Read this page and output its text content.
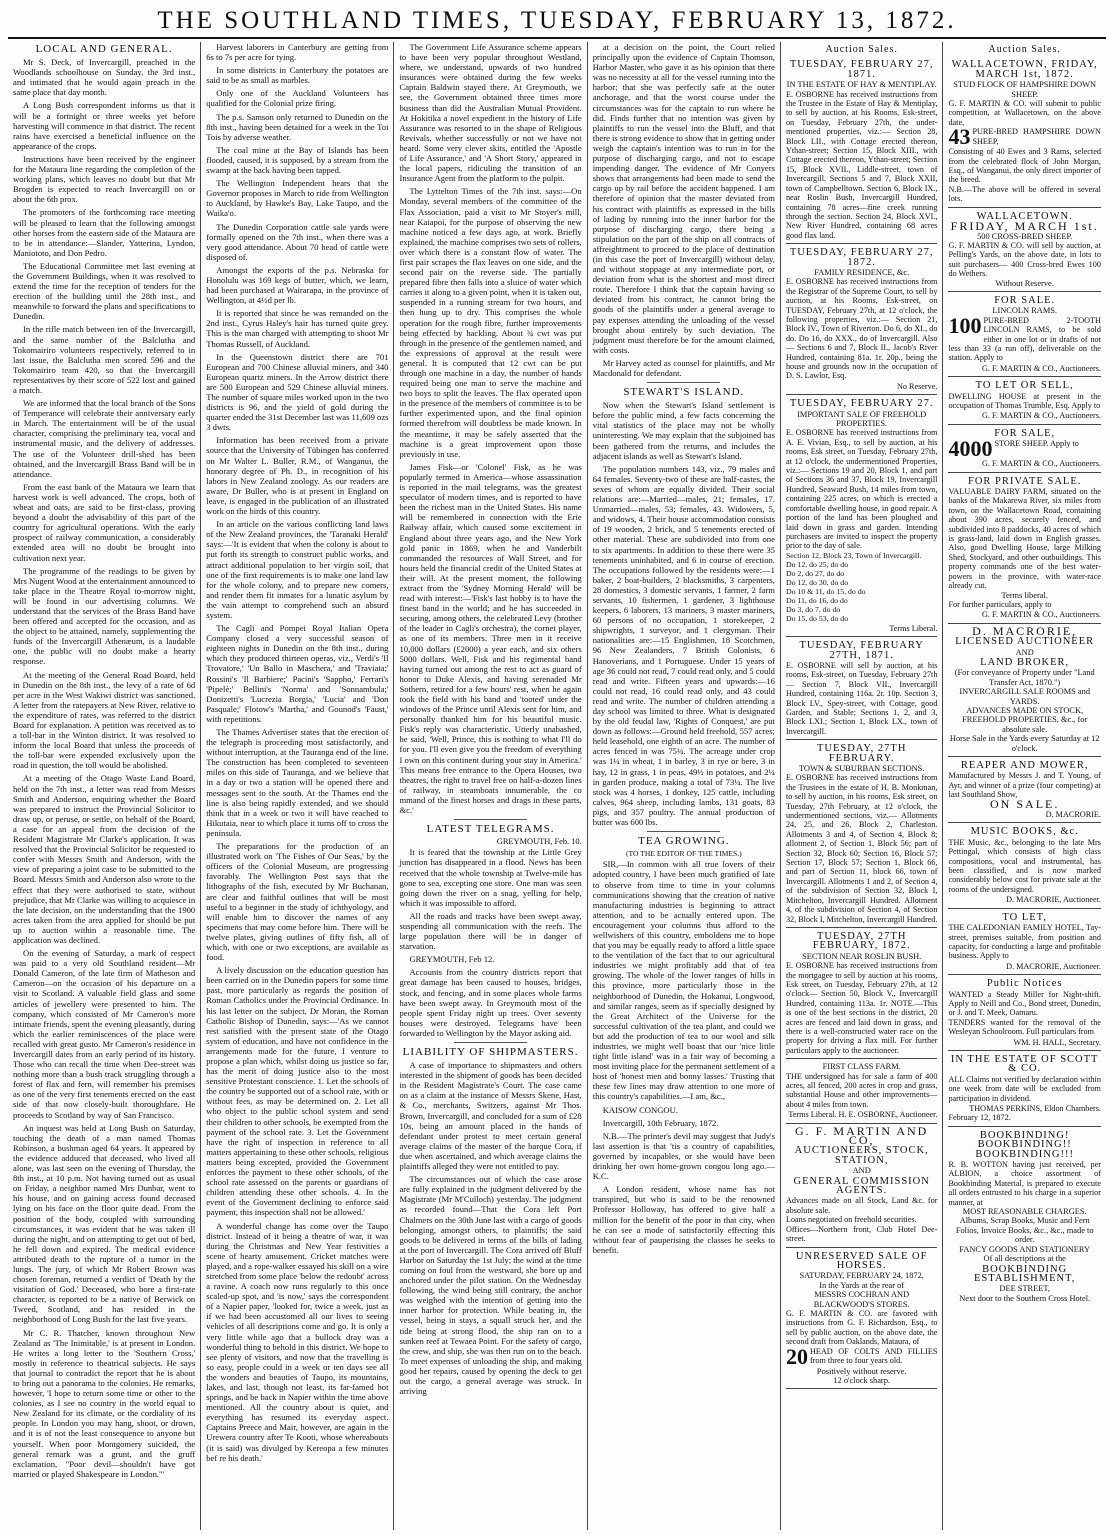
THE SOUTHLAND TIMES, TUESDAY, FEBRUARY 13, 1872.
LOCAL AND GENERAL.

Mr S. Deck, of Invercargill, preached in the Woodlands schoolhouse on Sunday, the 3rd inst., and intimated that he would again preach in the same place that day month.

A Long Bush correspondent informs us that it will be a fortnight or three weeks yet before harvesting will commence in that district. The recent rains have exercised a beneficial influence on the appearance of the crops.

Instructions have been received by the engineer for the Mataura line regarding the completion of the working plans, which leaves no doubt but that Mr Brogden is expected to reach Invercargill on or about the 6th prox.

The promoters of the forthcoming race meeting will be pleased to learn that the following amongst other horses from the eastern side of the Mataura are to be in attendance:—Slander, Yatterina, Lyndon, Maniototo, and Don Pedro.

The Educational Committee met last evening at the Government Buildings, when it was resolved to extend the time for the reception of tenders for the erection of the building until the 28th inst., and meanwhile to forward the plans and specifications to Dunedin.

In the rifle match between ten of the Invercargill, and the same number of the Balclutha and Tokomairiro volunteers respectively, referred to in last issue, the Balclutha men scored 596 and the Tokomairiro team 420, so that the Invercargill representatives by their score of 522 lost and gained a match.

We are informed that the local branch of the Sons of Temperance will celebrate their anniversary early in March. The entertainment will be of the usual character, comprising the preliminary tea, vocal and instrumental music, and the delivery of addresses. The use of the Volunteer drill-shed has been obtained, and the Invercargill Brass Band will be in attendance.

From the east bank of the Mataura we learn that harvest work is well advanced. The crops, both of wheat and oats, are said to be first-class, proving beyond a doubt the advisability of this part of the country for agricultural operations. With the early prospect of railway communication, a considerably extended area will no doubt be brought into cultivation next year.

The programme of the readings to be given by Mrs Nugent Wood at the entertainment announced to take place in the Theatre Royal to-morrow night, will be found in our advertising columns. We understand that the services of the Brass Band have been offered and accepted for the occasion, and as the object to be attained, namely, supplementing the funds of the Invercargill Athenæum, is a laudable one, the public will no doubt make a hearty response.

At the meeting of the General Road Board, held in Dunedin on the 8th inst., the levy of a rate of 6d per acre in the West Wakiwi district was sanctioned. A letter from the ratepayers at New River, relative to the expenditure of rates, was referred to the district Board for explanation. A petition was received as to a toll-bar in the Winton district. It was resolved to inform the local Board that unless the proceeds of the toll-bar were expended exclusively upon the road in question, the toll would be abolished.

At a meeting of the Otago Waste Land Board, held on the 7th inst., a letter was read from Messrs Smith and Anderson, enquiring whether the Board was prepared to instruct the Provincial Solicitor to draw up, or peruse, or settle, on behalf of the Board, a case for an appeal from the decision of the Resident Magistrate Mr Clarke's application. It was resolved that the Provincial Solicitor be requested to confer with Messrs Smith and Anderson, with the view of preparing a joint case to be submitted to the Board. Messrs Smith and Anderson also wrote to the effect that they were authorised to state, without prejudice, that Mr Clarke was willing to acquiesce in the late decision, on the understanding that the 1900 acres taken from the area applied for should be put up to auction within a reasonable time. The application was declined.

On the evening of Saturday, a mark of respect was paid to a very old Southland resident—Mr Donald Cameron, of the late firm of Matheson and Cameron—on the occasion of his departure on a visit to Scotland. A valuable field glass and some articles of jewellery were presented to him. The company, which consisted of Mr Cameron's more intimate friends, spent the evening pleasantly, during which the earlier reminiscences of the place were recalled with great gusto. Mr Cameron's residence in Invercargill dates from an early period of its history. Those who can recall the time when Dee-street was nothing more than a bush track struggling through a forest of flax and fern, will remember his premises as one of the very first tenements erected on the east side of that now closely-built thoroughfare. He proceeds to Scotland by way of San Francisco.

An inquest was held at Long Bush on Saturday, touching the death of a man named Thomas Robinson, a bushman aged 64 years. It appeared by the evidence adduced that deceased, who lived all alone, was last seen on the evening of Thursday, the 8th inst., at 10 p.m. Not having turned out as usual on Friday, a neighbor named Mrs Dunbar, went to his house, and on gaining access found deceased lying on his face on the floor quite dead. From the position of the body, coupled with surrounding circumstances, it was evident that he was taken ill during the night, and on attempting to get out of bed, he fell down and expired. The medical evidence attributed death to the rupture of a tumor in the lungs. The jury, of which Mr Robert Brown was chosen foreman, returned a verdict of 'Death by the visitation of God.' Deceased, who bore a first-rate character, is reported to be a native of Berwick on Tweed, Scotland, and has resided in the neighborhood of Long Bush for the last five years.

Mr C. R. Thatcher, known throughout New Zealand as 'The Inimitable,' is at present in London. He writes a long letter to the 'Southern Cross,' mostly in reference to theatrical subjects. He says that journal to contradict the report that he is about to bring out a panorama to the colonies. He remarks, however, 'I hope to return some time or other to the colonies, as I see no country in the world equal to New Zealand for its climate, or the cordiality of its people. In London you may hang, shoot, or drown, and it is of not the least consequence to anyone but yourself. When poor Montgomery suicided, the general remark was a grunt, and the gruff exclamation, "Poor devil—shouldn't have got married or played Shakespeare in London."'

Harvest laborers in Canterbury are getting from 6s to 7s per acre for tying.

In some districts in Canterbury the potatoes are said to be as small as marbles.

Only one of the Auckland Volunteers has qualified for the Colonial prize firing.

The p.s. Samson only returned to Dunedin on the 8th inst., having been detained for a week in the Toi Tois by adverse weather.

The coal mine at the Bay of Islands has been flooded, caused, it is supposed, by a stream from the swamp at the back having been tapped.

The Wellington Independent hears that the Governor proposes in March to ride from Wellington to Auckland, by Hawke's Bay, Lake Taupo, and the Waika'o.

The Dunedin Corporation cattle sale yards were formally opened on the 7th inst., when there was a very good attendance. About 70 head of cattle were disposed of.

Amongst the exports of the p.s. Nebraska for Honolulu was 169 kegs of butter, which, we learn, had been purchased at Wairarapa, in the province of Wellington, at 4½d per lb.

It is reported that since he was remanded on the 2nd inst., Cyrus Haley's hair has turned quite grey. This is the man charged with attempting to shoot Mr Thomas Russell, of Auckland.

In the Queenstown district there are 701 European and 700 Chinese alluvial miners, and 340 European quartz miners. In the Arrow district there are 500 European and 529 Chinese alluvial miners. The number of square miles worked upon in the two districts is 96, and the yield of gold during the quarter ended the 31st December last was 11,609 ozs 3 dwts.

Information has been received from a private source that the University of Tübingen has conferred on Mr Walter L. Buller, R.M., of Wanganui, the honorary degree of Ph. D., in recognition of his labors in New Zealand zoology. As our readers are aware, Dr Buller, who is at present in England on leave, is engaged in the publication of an illustrated work on the birds of this country.

In an article on the various conflicting land laws of the New Zealand provinces, the 'Taranaki Herald' says:—'It is evident that when the colony is about to put forth its strength to construct public works, and attract additional population to her virgin soil, that one of the first requirements is to make one land law for the whole colony, and to prepare new comers, and render them fit inmates for a lunatic asylum by the vain attempt to comprehend such an absurd system.

The Cagli and Pompei Royal Italian Opera Company closed a very successful season of eighteen nights in Dunedin on the 8th inst., during which they produced thirteen operas, viz., Verdi's 'Il Trovatore,' 'Un Ballo in Maschera,' and 'Traviata;' Rossini's 'Il Barbiere;' Pacini's 'Sappho,' Ferrari's 'Pipelè;' Bellini's 'Norma' and 'Sonnambula;' Donizetti's 'Lucrezia Borgia,' 'Lucia' and 'Don Pasquale;' Flotow's 'Martha,' and Gounod's 'Faust,' with repetitions.

The Thames Advertiser states that the erection of the telegraph is proceeding most satisfactorily, and without interruption, at the Tauranga end of the line. The construction has been completed to seventeen miles on this side of Tauranga, and we believe that in a day or two a station will be opened there and messages sent to the south. At the Thames end the line is also being rapidly extended, and we should think that in a week or two it will have reached to Hikutaia, near to which place it turns off to cross the peninsula.

The preparations for the production of an illustrated work on 'The Fishes of Our Seas,' by the officers of the Colonial Museum, are progressing favorably. The Wellington Post says that the lithographs of the fish, executed by Mr Buchanan, are clear and faithful outlines that will be most useful to a beginner in the study of ichthyology, and will enable him to discover the names of any specimens that may come before him. There will be twelve plates, giving outlines of fifty fish, all of which, with one or two exceptions, are available as food.

A lively discussion on the education question has been carried on in the Dunedin papers for some time past, more particularly as regards the position of Roman Catholics under the Provincial Ordinance. In his last letter on the subject, Dr Moran, the Roman Catholic Bishop of Dunedin, says:—'As we cannot rest satisfied with the present state of the Otago system of education, and have not confidence in the arrangements made for the future, I venture to propose a plan which, whilst doing us justice so far, has the merit of doing justice also to the most sensitive Protestant conscience. 1. Let the schools of the country be supported out of a school rate, with or without fees, as may be determined on. 2. Let all who object to the public school system and send their children to other schools, be exempted from the payment of the school rate. 3. Let the Government have the right of inspection in reference to all matters appertaining to these other schools, religious matters being excepted, provided the Government enforces the payment to these other schools, of the school rate assessed on the parents or guardians of children attending these other schools. 4. In the event of the Government declining to enforce said payment, this inspection shall not be allowed.'

A wonderful change has come over the Taupo district. Instead of it being a theatre of war, it was during the Christmas and New Year festivities a scene of hearty amusement. Cricket matches were played, and a rope-walker essayed his skill on a wire stretched from some place 'below the redoubt' across a ravine. A coach now runs regularly to this once scaled-up spot, and 'is now,' says the correspondent of a Napier paper, 'looked for, twice a week, just as if we had been accustomed all our lives to seeing vehicles of all descriptions come and go. It is only a very little while ago that a bullock dray was a wonderful thing to behold in this district. We hope to see plenty of visitors, and now that the travelling is so easy, people could in a week or ten days see all the wonders and beauties of Taupo, its mountains, lakes, and last, though not least, its far-famed hot springs, and be back in Napier within the time above mentioned. All the country about is quiet, and everything has resumed its everyday aspect. Captains Preece and Mair, however, are again in the Urewera country after Te Kooti, whose whereabouts (it is said) was divulged by Kereopa a few minutes bef re his death.'

The Government Life Assurance scheme appears to have been very popular throughout Westland, where, we understand, upwards of two hundred insurances were obtained during the few weeks Captain Baldwin stayed there. At Greymouth, we see, the Government obtained three times more business than did the Australian Mutual Provident. At Hokitika a novel expedient in the history of Life Assurance was resorted to in the shape of Religious Revivals, whether successfully or not we have not heard. Some very clever skits, entitled the 'Apostle of Life Assurance,' and 'A Short Story,' appeared in the local papers, ridiculing the transition of an Insurance Agent from the platform to the pulpit.

The Lyttelton Times of the 7th inst. says:—On Monday, several members of the committee of the Flax Association, paid a visit to Mr Stoyer's mill, near Kaiapoi, for the purpose of observing the new machine noticed a few days ago, at work. Briefly explained, the machine comprises two sets of rollers, over which there is a constant flow of water. The first pair scrapes the flax leaves on one side, and the second pair on the reverse side. The partially prepared fibre then falls into a sluice of water which carries it along to a given point, when it is taken out, suspended in a running stream for two hours, and then hung up to dry. This comprises the whole operation for the rough fibre, further improvements being effected by hackling. About ¾ cwt was put through in the presence of the gentlemen named, and the expressions of approval at the result were general. It is computed that 12 cwt can be put through one machine in a day, the number of hands required being one man to serve the machine and two boys to split the leaves. The flax operated upon in the presence of the members of committee is to be further experimented upon, and the final opinion formed therefrom will doubtless be made known. In the meantime, it may be safely asserted that the machine is a great improvement upon those previously in use.

James Fisk—or 'Colonel' Fisk, as he was popularly termed in America—whose assassination is reported in the mail telegrams, was the greatest speculator of modern times, and is reported to have been the richest man in the United States. His name will be remembered in connection with the Erie Railway affair, which caused some excitement in England about three years ago, and the New York gold panic in 1869, when he and Vanderbilt commanded the resources of Wall Street, and for hours held the financial credit of the United States at their will. At the present moment, the following extract from the 'Sydney Morning Herald' will be read with interest:—'Fisk's last hobby is to have the finest band in the world; and he has succeeded in securing, among others, the celebrated Levy (brother of the leader in Cagli's orchestra), the cornet player, as one of its members. Three men in it receive 10,000 dollars (£2000) a year each, and six others 5000 dollars. Well, Fisk and his regimental band having turned out among the rest to act as guard of honor to Duke Alexis, and having serenaded Mr Sothern, retired for a few hours' rest, when he again took the field with his band and 'tooted' under the windows of the Prince until Alexis sent for him, and personally thanked him for his beautiful music. Fisk's reply was characteristic. Utterly unabashed, he said, 'Well, Prince, this is nothing to what I'll do for you. I'll even give you the freedom of everything I own on this continent during your stay in America.' This means free entrance to the Opera Houses, two theatres, the right to travel free on half-a-dozen lines of railway, in steamboats innumerable, the co mmand of the finest horses and drags in these parts, &c.'

LATEST TELEGRAMS.
GREYMOUTH, Feb. 10.

It is feared that the township at the Little Grey junction has disappeared in a flood. News has been received that the whole township at Twelve-mile has gone to sea, excepting one store. One man was seen going down the river on a snag, yelling for help, which it was impossible to afford.

All the roads and tracks have been swept away, suspending all communication with the reefs. The large population there will be in danger of starvation.

GREYMOUTH, Feb 12.

Accounts from the country districts report that great damage has been caused to houses, bridges, stock, and fencing, and in some places whole farms have been swept away. In Greymouth most of the people spent Friday night up trees. Over seventy houses were destroyed. Telegrams have been forwarded to Wellington by the Mayor asking aid.

LIABILITY OF SHIPMASTERS.

A case of importance to shipmasters and others interested in the shipment of goods has been decided in the Resident Magistrate's Court. The case came on as a claim at the instance of Messrs Skene, Hast, & Co., merchants, Switzers, against Mr Thos. Brown, Invercargill, and concluded for a sum of £28 10s, being an amount placed in the hands of defendant under protest to meet certain general average claims of the master of the barque Cora, if due when ascertained, and which average claims the plaintiffs alleged they were not entitled to pay.

The circumstances out of which the case arose are fully explained in the judgment delivered by the Magistrate (Mr M'Culloch) yesterday. The judgment as recorded found—That the Cora left Port Chalmers on the 30th June last with a cargo of goods belonging, amongst others, to plaintiffs; the said goods to be delivered in terms of the bills of lading at the port of Invercargill. The Cora arrived off Bluff Harbor on Saturday the 1st July; the wind at the time coming on foul from the westward, she bore up and anchored under the pilot station. On the Wednesday following, the wind being still contrary, the anchor was weighed with the intention of getting into the inner harbor for protection. While beating in, the vessel, being in stays, a squall struck her, and the tide being at strong flood, the ship ran on to a sunken reef at Tewaea Point. For the safety of cargo, the crew, and ship, she was then run on to the beach. To meet expenses of unloading the ship, and making good her repairs, caused by opening the deck to get out the cargo, a general average was struck. In arriving

at a decision on the point, the Court relied principally upon the evidence of Captain Thomson, Harbor Master, who gave it as his opinion that there was no necessity at all for the vessel running into the harbor; that she was perfectly safe at the outer anchorage, and that the worst course under the circumstances was for the captain to run where he did. Finds further that no intention was given by plaintiffs to run the vessel into the Bluff, and that there is strong evidence to show that in getting under weigh the captain's intention was to run in for the purpose of discharging cargo, and not to escape impending danger. The evidence of Mr Conyers shows that arrangements had been made to send the cargo up by rail before the accident happened. I am therefore of opinion that the master deviated from his contract with plaintiffs as expressed in the bills of lading by running into the inner harbor for the purpose of discharging cargo, there being a stipulation on the part of the ship on all contracts of affreightment to proceed to the place of destination (in this case the port of Invercargill) without delay, and without stoppage at any intermediate port, or deviation from what is the shortest and most direct route. Therefore I think that the captain having so deviated from his contract, he cannot bring the goods of the plaintiffs under a general average to pay expenses attending the unloading of the vessel brought about entirely by such deviation. The judgment must therefore be for the amount claimed, with costs.

Mr Harvey acted as counsel for plaintiffs, and Mr Macdonald for defendant.

STEWART'S ISLAND.

Now when the Stewart's Island settlement is before the public mind, a few facts concerning the vital statistics of the place may not be wholly uninteresting. We may explain that the subjoined has been gathered from the returns, and includes the adjacent islands as well as Stewart's Island.

The population numbers 143, viz., 79 males and 64 females. Seventy-two of these are half-castes, the sexes of whom are equally divided. Their social relations are:—Married—males, 21; females, 17. Unmarried—males, 53; females, 43. Widowers, 5, and widows, 4. Their house accommodation consists of 19 wooden, 2 brick, and 5 tenements erected of other material. These are subdivided into from one to six apartments. In addition to these there were 35 tenements uninhabited, and 6 in course of erection. The occupations followed by the residents were:—1 baker, 2 boat-builders, 2 blacksmiths, 3 carpenters, 28 domestics, 3 domestic servants, 1 farmer, 2 farm servants, 10 fishermen, 1 gardener, 3 lighthouse keepers, 6 laborers, 13 mariners, 3 master mariners, 60 persons of no occupation, 1 storekeeper, 2 shipwrights, 1 surveyor, and 1 clergyman. Their nationalities are:—15 Englishmen, 18 Scotchmen, 96 New Zealanders, 7 British Colonists, 6 Hanoverians, and 1 Portuguese. Under 15 years of age 36 could not read, 7 could read only, and 5 could read and write. Fifteen years and upwards:—16 could not read, 16 could read only, and 43 could read and write. The number of children attending a day school was limited to three. What is designated by the old feudal law, 'Rights of Conquest,' are put down as follows:—Ground held freehold, 557 acres; held leasehold, one eighth of an acre. The number of acres fenced in was 75¼. The acreage under crop was 1¼ in wheat, 1 in barley, 3 in rye or bere, 3 in hay, 12 in grass, 1 in peas, 49½ in potatoes, and 2¼ in garden produce, making a total of 73¼. The live stock was 4 horses, 1 donkey, 125 cattle, including calves, 964 sheep, including lambs, 131 goats, 83 pigs, and 357 poultry. The annual production of butter was 600 lbs.

TEA GROWING.
(TO THE EDITOR OF THE TIMES.)

SIR,—In common with all true lovers of their adopted country, I have been much gratified of late to observe from time to time in your columns communications showing that the creation of native manufacturing industries is beginning to attract attention, and to be actually entered upon. The encouragement your columns thus afford to the wellwishers of this country, emboldens me to hope that you may be equally ready to afford a little space to the ventilation of the fact that to our agricultural industries we might profitably add that of tea growing. The whole of the lower ranges of hills in this province, more particularly those in the neighborhood of Dunedin, the Hokanui, Longwood, and similar ranges, seem as if specially designed by the Great Architect of the Universe for the successful cultivation of the tea plant, and could we but add the production of tea to our wool and silk industries, we might well boast that our 'nice little tight little island' was in a fair way of becoming a most inviting place for the permanent settlement of a host of 'honest men and bonny lasses.' Trusting that these few lines may draw attention to one more of this country's capabilities.—I am, &c.,

KAISOW CONGOU.

Invercargill, 10th February, 1872.

N.B.—The printer's devil may suggest that Judy's last assertion is that 'tis a country of capabilities, governed by incapables, or she would have been drinking her own home-grown congou long ago.—K.C.

A London resident, whose name has not transpired, but who is said to be the renowned Professor Holloway, has offered to give half a million for the benefit of the poor in that city, when he can see a mode of satisfactorily effecting this without fear of pauperising the classes he seeks to benefit.

Auction Sales.
TUESDAY, FEBRUARY 27, 1871.
IN THE ESTATE OF HAY & MENTIPLAY.
E. OSBORNE has received instructions from the Trustee in the Estate of Hay & Mentiplay, to sell by auction, at his Rooms, Esk-street, on Tuesday, February 27th, the under-mentioned properties, viz.:— Section 28, Block LII., with Cottage erected thereon, Ythan-street; Section 15, Block XIII., with Cottage erected thereon, Ythan-street; Section 15, Block XVII., Liddle-street, town of Invercargill. Sections 5 and 7, Block XXII, town of Campbelltown. Section 6, Block IX., near Roslin Bush, Invercargill Hundred, containing 78 acres—fine creek running through the section. Section 24, Block XVI., New River Hundred, containing 68 acres good flax land.
TUESDAY, FEBRUARY 27, 1872.
FAMILY RESIDENCE, &c.
E. OSBORNE has received instructions from the Registrar of the Supreme Court, to sell by auction, at his Rooms, Esk-street, on TUESDAY, February 27th, at 12 o'clock, the following properties, viz.:— Section 21, Block IV., Town of Riverton. Do 6, do XI., do do. Do 16, do XXX., do of Invercargill. Also— Sections 6 and 7, Block II., Jacob's River Hundred, containing 81a. 1r. 20p., being the house and grounds now in the occupation of D. S. Lawlor, Esq.
No Reserve.
TUESDAY, FEBRUARY 27.
IMPORTANT SALE OF FREEHOLD PROPERTIES.
E. OSBORNE has received instructions from A. E. Vivian, Esq., to sell by auction, at his rooms, Esk street, on Tuesday, February 27th, at 12 o'clock, the undermentioned Properties, viz.:— Sections 19 and 20, Block 1, and part of Sections 36 and 37, Block 19, Invercargill Hundred, Seaward Bush, 14 miles from town, containing 225 acres, on which is erected a comfortable dwelling house, in good repair. A portion of the land has been ploughed and laid down in grass and garden. Intending purchasers are invited to inspect the property prior to the day of sale.
Section 12, Block 23, Town of Invercargill.
Do 12, do 25, do do
Do 2, do 27, do do
Do 12, do 30, do do
Do 10 & 11, do 15, do do
Do 11, do 16, do do
Do 3, do 7, do do
Do 15, do 53, do do
Terms Liberal.
TUESDAY, FEBRUARY 27TH, 1871.
E. OSBORNE will sell by auction, at his rooms, Esk-street, on Tuesday, February 27th— Section 7, Block VII., Invercargill Hundred, containing 116a. 2r. 10p. Section 3, Block LV., Spey-street, with Cottage, good Garden, and Stable; Sections 1, 2, and 3, Block LXI.; Section 1, Block LX., town of Invercargill.
TUESDAY, 27TH FEBRUARY.
TOWN & SUBURBAN SECTIONS.
E. OSBORNE has received instructions from the Trustees in the estate of H. B. Monkman, to sell by auction, in his rooms, Esk street, on Tuesday, 27th February, at 12 o'clock, the undermentioned sections, viz.— Allotments 24, 25, and 26, Block 2, Charleston. Allotments 3 and 4, of Section 4, Block 8; allotment 2, of Section 1, Block 56; part of Section 32, Block 60; Section 16, Block 57; Section 17, Block 57; Section 1, Block 66, and part of Section 11, block 66, town of Invercargill. Allotments 1 and 2, of Section 4, of the subdivision of Section 32, Block I, Mitchelton, Invercargill Hundred. Allotment 4, of the subdivision of Section 4, of Section 32, Block I, Mitchelton, Invercargill Hundred.
TUESDAY, 27TH FEBRUARY, 1872.
SECTION NEAR ROSLIN BUSH.
E. OSBORNE has received instructions from the mortgagee to sell by auction at his rooms, Esk street, on Tuesday, February 27th, at 12 o'clock— Section 50, Block V., Invercargill Hundred, containing 113a. 1r. NOTE.—This is one of the best sections in the district, 20 acres are fenced and laid down in grass, and there is a well-constructed water race on the property for driving a flax mill. For further particulars apply to the auctioneer.
FIRST CLASS FARM.
THE undersigned has for sale a farm of 400 acres, all fenced, 200 acres in crop and grass, substantial House and other improvements—about 4 miles from town.
Terms Liberal. H. E. OSBORNE, Auctioneer.
G. F. MARTIN AND CO,
AUCTIONEERS, STOCK, STATION,
AND
GENERAL COMMISSION AGENTS.
Advances made on all Stock, Land &c. for absolute sale.
Loans negotiated on freehold securities.
Offices—Northern front, Club Hotel Dee-street.
UNRESERVED SALE OF HORSES.
SATURDAY, FEBRUARY 24, 1872,
In the Yards at the rear of
MESSRS COCHRAN AND BLACKWOOD'S STORES.
G. F. MARTIN & CO. are favored with instructions from G. F. Richardson, Esq., to sell by public auction, on the above date, the second draft from Oaklands, Mataura, of
20 HEAD OF COLTS AND FILLIES from three to four years old.
Positively without reserve.
12 o'clock sharp.
Auction Sales.
WALLACETOWN, FRIDAY, MARCH 1st, 1872.
STUD FLOCK OF HAMPSHIRE DOWN SHEEP.
G. F. MARTIN & CO. will submit to public competition, at Wallacetown, on the above date,
43 PURE-BRED HAMPSHIRE DOWN SHEEP,
Consisting of 40 Ewes and 3 Rams, selected from the celebrated flock of John Morgan, Esq., of Wanganui, the only direct importer of the breed.
N.B.—The above will be offered in several lots.
WALLACETOWN.
FRIDAY, MARCH 1st.
500 CROSS-BRED SHEEP.
G. F. MARTIN & CO. will sell by auction, at Pelling's Yards, on the above date, in lots to suit purchasers— 400 Cross-bred Ewes 100 do Wethers.
Without Reserve.
FOR SALE.
LINCOLN RAMS.
100 PURE-BRED 2-TOOTH LINCOLN RAMS, to be sold either in one lot or in drafts of not less than 33 (a run off), deliverable on the station. Apply to
G. F. MARTIN & CO., Auctioneers.
TO LET OR SELL,
DWELLING HOUSE at present in the occupation of Thomas Trumble, Esq. Apply to
G. F. MARTIN & CO., Auctioneers.
FOR SALE,
4000 STORE SHEEP. Apply to
G. F. MARTIN & CO., Auctioneers.
FOR PRIVATE SALE.
VALUABLE DAIRY FARM, situated on the banks of the Makarewa River, six miles from town, on the Wallacetown Road, containing about 390 acres, securely fenced, and subdivided into 8 paddocks, 40 acres of which is grass-land, laid down in English grasses. Also, good Dwelling House, large Milking Shed, Stockyard, and other outbuildings. This property commands one of the best water-powers in the province, with water-race already cut.
Terms liberal.
For further particulars, apply to
G. F. MARTIN & CO., Auctioneers.
D. MACRORIE,
LICENSED AUCTIONEER
AND
LAND BROKER,
(For conveyance of Property under "Land Transfer Act, 1870.")
INVERCARGILL SALE ROOMS and YARDS.
ADVANCES MADE ON STOCK, FREEHOLD PROPERTIES, &c., for absolute sale.
Horse Sale in the Yards every Saturday at 12 o'clock.
REAPER AND MOWER,
Manufactured by Messrs J. and T. Young, of Ayr, and winner of a prize (four competing) at last Southland Show,
ON SALE.
D. MACRORIE.
MUSIC BOOKS, &c.
THE Music, &c., belonging to the late Mrs Pettingal, which consists of high class compositions, vocal and instrumental, has been classified, and is now marked considerably below cost for private sale at the rooms of the undersigned.
D. MACRORIE, Auctioneer.
TO LET,
THE CALEDONIAN FAMILY HOTEL, Tay-street, premises suitable, from position and capacity, for conducting a large and profitable business. Apply to
D. MACRORIE, Auctioneer.
Public Notices
WANTED a Steady Miller for Night-shift. Apply to Neill and Co., Bond street, Dunedin, or J. and T. Meek, Oamaru.
TENDERS wanted for the removal of the Wesleyan Schoolroom. Full particulars from
WM. H. HALL, Secretary.
IN THE ESTATE OF SCOTT & CO.
ALL Claims not verified by declaration within one week from date will be excluded from participation in dividend.
THOMAS PERKINS, Eldon Chambers.
February 12, 1872.
BOOKBINDING! BOOKBINDING!! BOOKBINDING!!!
R. B. WOTTON having just received, per ALBION, a choice assortment of Bookbinding Material, is prepared to execute all orders entrusted to his charge in a superior manner, at
MOST REASONABLE CHARGES.
Albums, Scrap Books, Music and Fern Folios, Invoice Books, &c., &c., made to order.
FANCY GOODS AND STATIONERY
Of all descriptions at the
BOOKBINDING ESTABLISHMENT,
DEE STREET,
Next door to the Southern Cross Hotel.
